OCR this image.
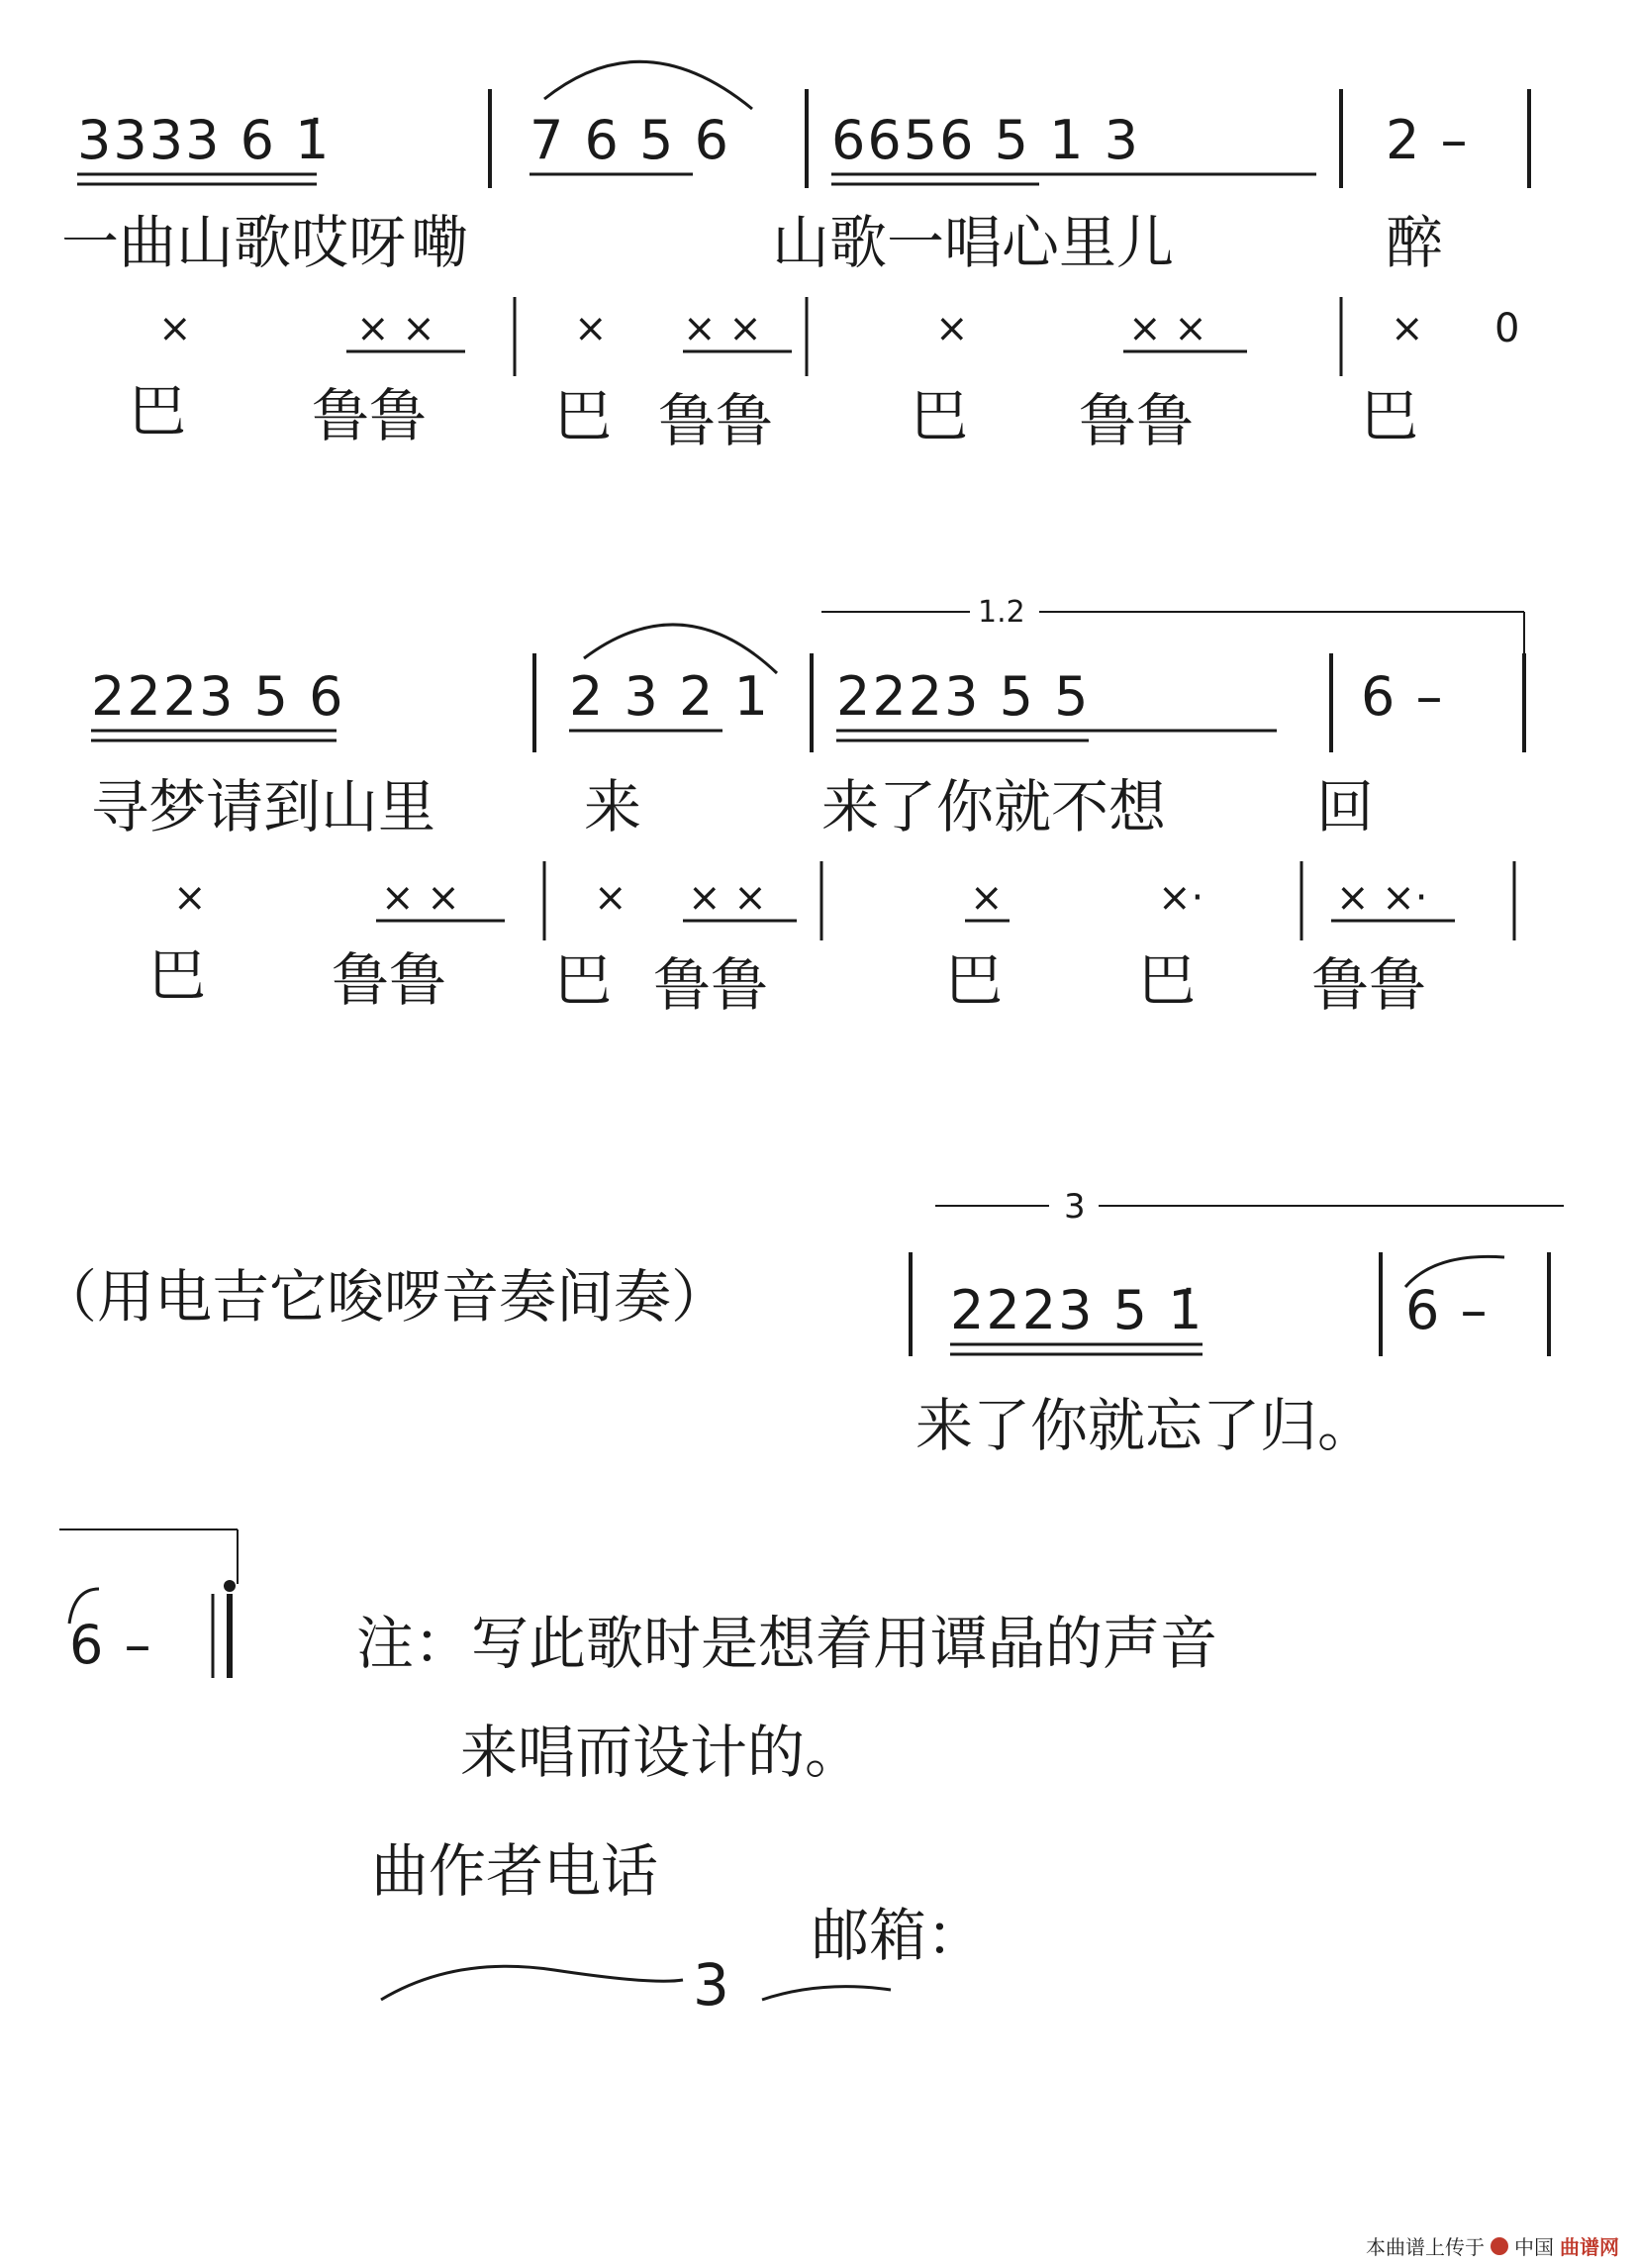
3333 6 1̇	7 6 5 6 6656 5 1 3	2 –
一曲山歌哎呀 嘞	山歌一唱心里儿	醉
×	× ×	× × ×	×	× ×	× 0
巴 鲁鲁 巴 鲁鲁 巴 鲁鲁	巴
1.2
2223 5 6	2 3 2 1 2223 5 5	6 –
寻梦请到山里	来	来了你就不想	回
×	× ×	× × ×	×	×·	× ×·
巴 鲁鲁 巴 鲁鲁	巴 巴 鲁鲁
3
（用电吉它唆啰音奏间奏）	2223 5 1̇	6 –
来了你就忘了归。
6 –	注：写此歌时是想着用谭晶的声音
来唱而设计的。
曲作者电话
3
邮箱：
本曲谱上传于 中国 曲谱网
